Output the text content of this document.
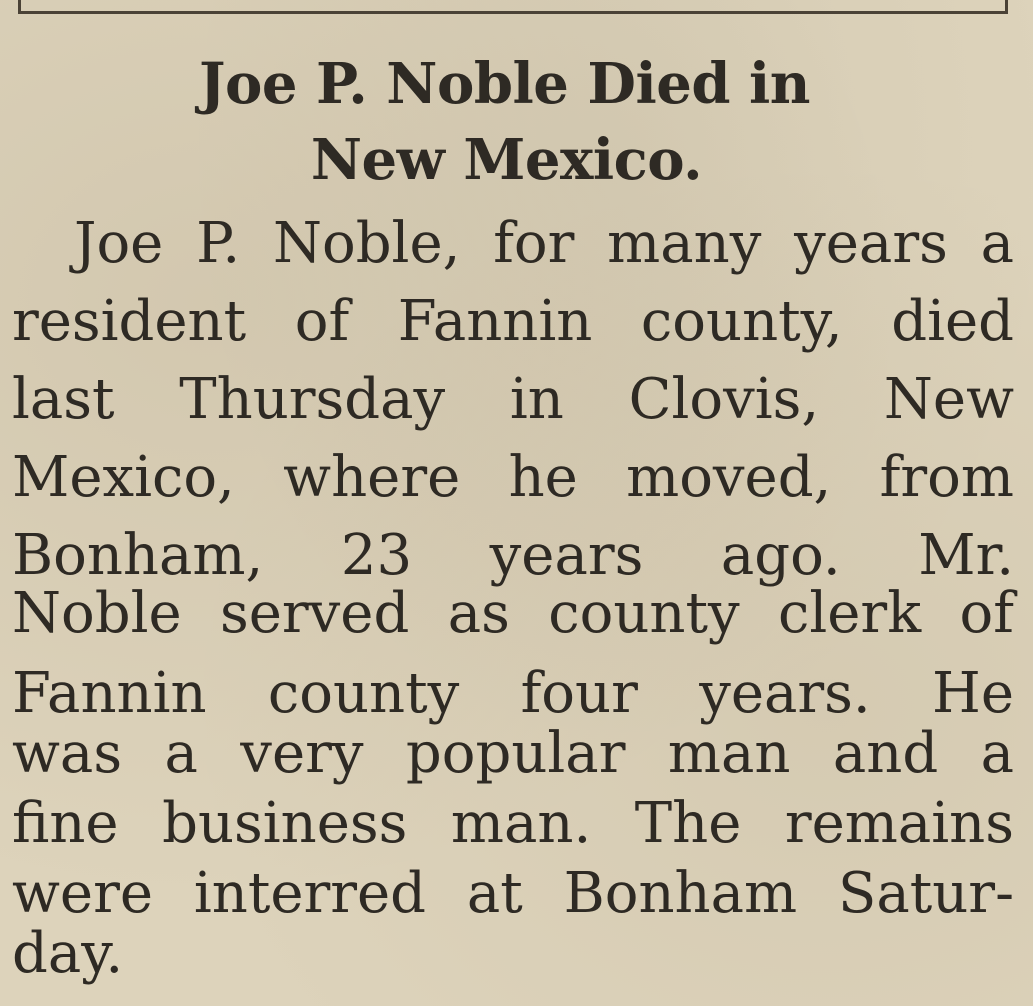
Joe P. Noble Died in
New Mexico.

Joe P. Noble, for many years a

resident of Fannin county, died

last Thursday in Clovis, New

Mexico, where he moved, from

Bonham, 23 years ago. Mr.

Noble served as county clerk of

Fannin county four years. He

was a very popular man and a

fine business man. The remains

were interred at Bonham Satur-

day.
